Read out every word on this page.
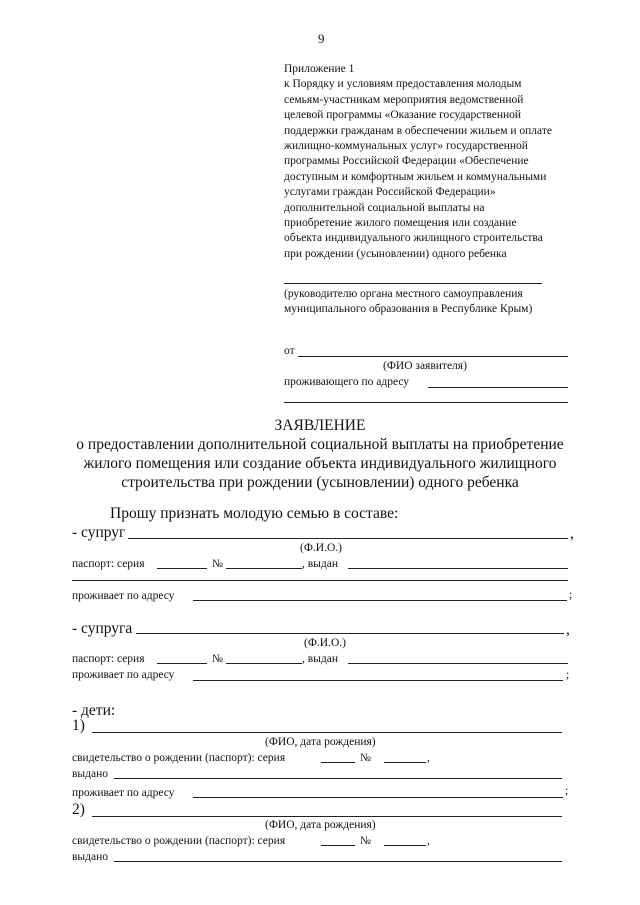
9
Приложение 1
к Порядку и условиям предоставления молодым
семьям-участникам мероприятия ведомственной
целевой программы «Оказание государственной
поддержки гражданам в обеспечении жильем и оплате
жилищно-коммунальных услуг» государственной
программы Российской Федерации «Обеспечение
доступным и комфортным жильем и коммунальными
услугами граждан Российской Федерации»
дополнительной социальной выплаты на
приобретение жилого помещения или создание
объекта индивидуального жилищного строительства
при рождении (усыновлении) одного ребенка
(руководителю органа местного самоуправления
муниципального образования в Республике Крым)
от
(ФИО заявителя)
проживающего по адресу
ЗАЯВЛЕНИЕ
о предоставлении дополнительной социальной выплаты на приобретение
жилого помещения или создание объекта индивидуального жилищного
строительства при рождении (усыновлении) одного ребенка
Прошу признать молодую семью в составе:
- супруг	,
(Ф.И.О.)
паспорт: серия	№	, выдан
проживает по адресу	;
- супруга	,
(Ф.И.О.)
паспорт: серия	№	, выдан
проживает по адресу	;
- дети:
1)
(ФИО, дата рождения)
свидетельство о рождении (паспорт): серия	№	,
выдано
проживает по адресу	;
2)
(ФИО, дата рождения)
свидетельство о рождении (паспорт): серия	№	,
выдано
